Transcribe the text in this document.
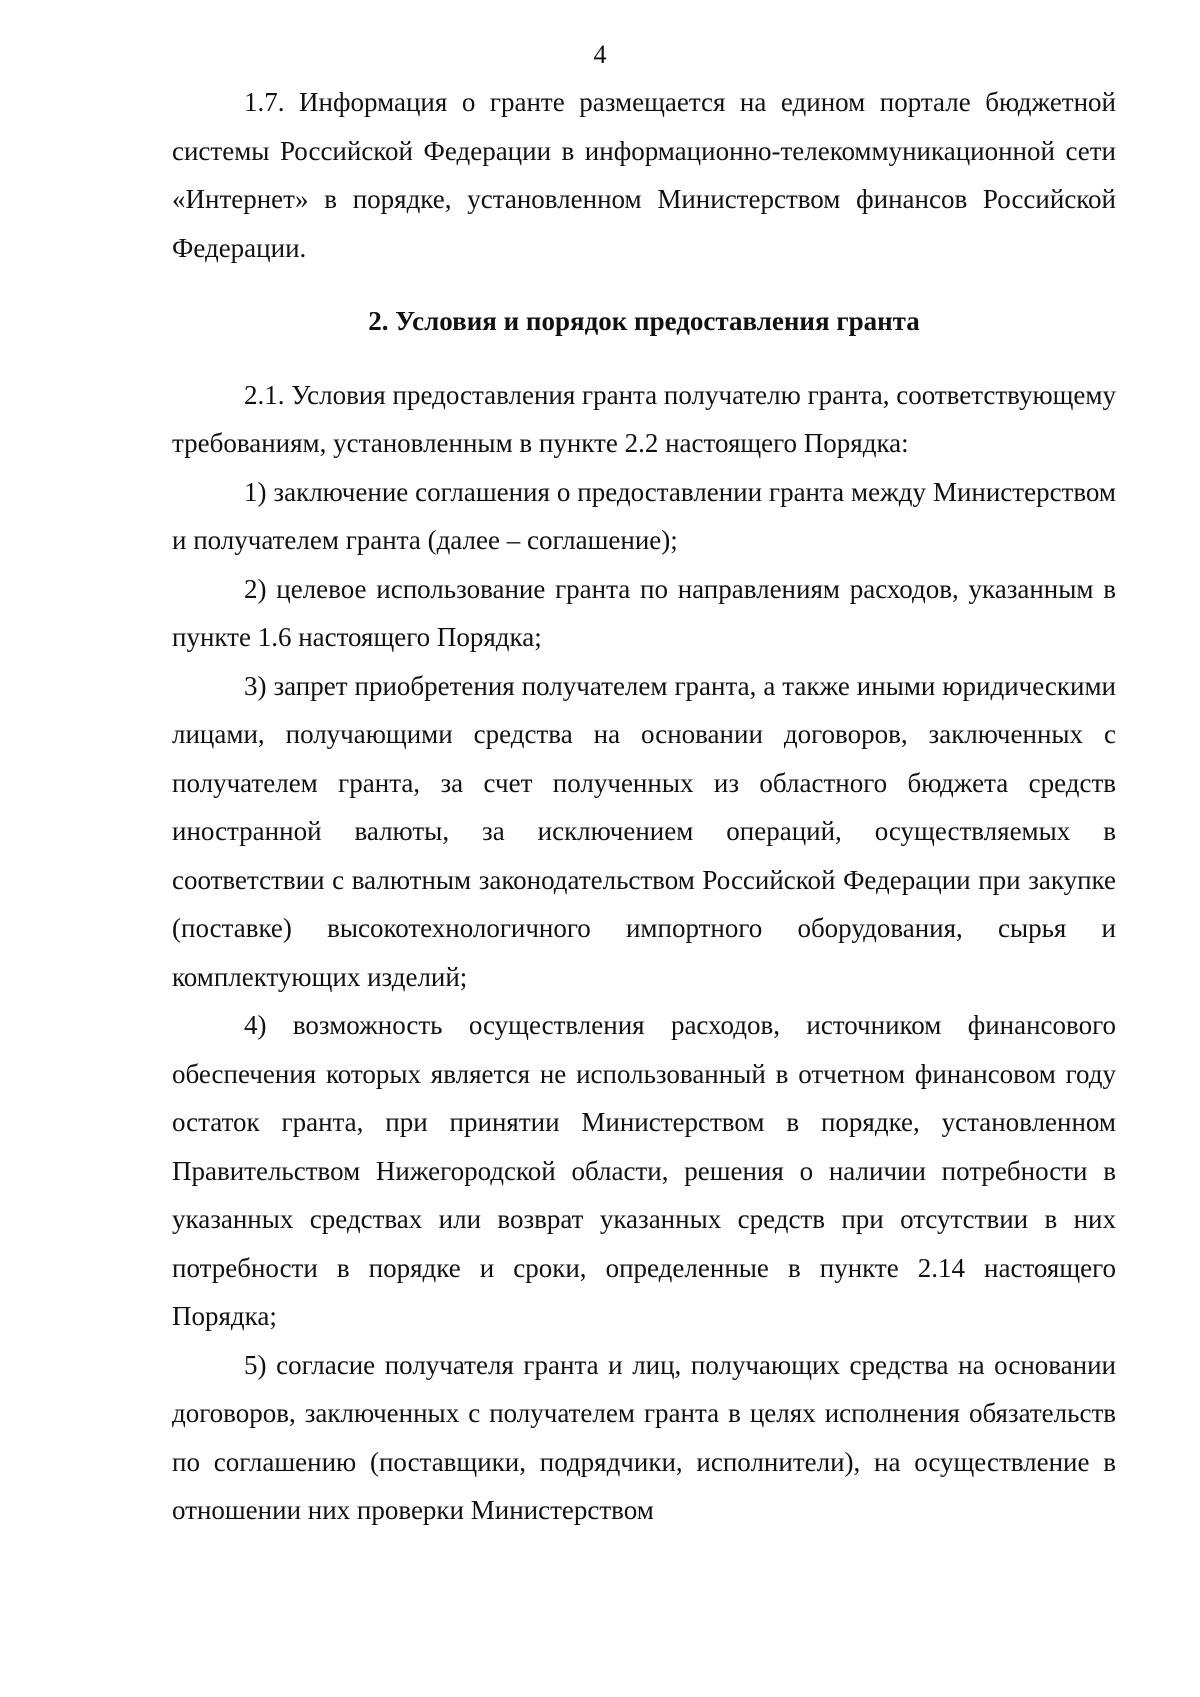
4

1.7. Информация о гранте размещается на едином портале бюджетной системы Российской Федерации в информационно-телекоммуникационной сети «Интернет» в порядке, установленном Министерством финансов Российской Федерации.

2. Условия и порядок предоставления гранта

2.1. Условия предоставления гранта получателю гранта, соответствующему требованиям, установленным в пункте 2.2 настоящего Порядка:

1) заключение соглашения о предоставлении гранта между Министерством и получателем гранта (далее – соглашение);

2) целевое использование гранта по направлениям расходов, указанным в пункте 1.6 настоящего Порядка;

3) запрет приобретения получателем гранта, а также иными юридическими лицами, получающими средства на основании договоров, заключенных с получателем гранта, за счет полученных из областного бюджета средств иностранной валюты, за исключением операций, осуществляемых в соответствии с валютным законодательством Российской Федерации при закупке (поставке) высокотехнологичного импортного оборудования, сырья и комплектующих изделий;

4) возможность осуществления расходов, источником финансового обеспечения которых является не использованный в отчетном финансовом году остаток гранта, при принятии Министерством в порядке, установленном Правительством Нижегородской области, решения о наличии потребности в указанных средствах или возврат указанных средств при отсутствии в них потребности в порядке и сроки, определенные в пункте 2.14 настоящего Порядка;

5) согласие получателя гранта и лиц, получающих средства на основании договоров, заключенных с получателем гранта в целях исполнения обязательств по соглашению (поставщики, подрядчики, исполнители), на осуществление в отношении них проверки Министерством
